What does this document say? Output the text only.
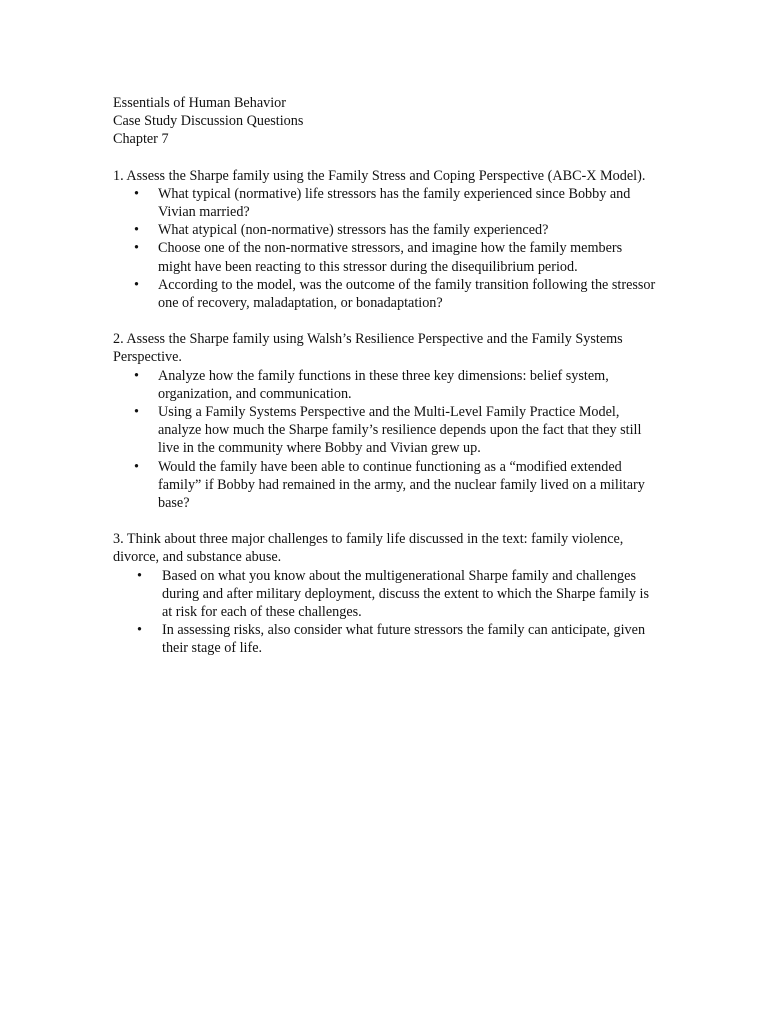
Essentials of Human Behavior
Case Study Discussion Questions
Chapter 7

1. Assess the Sharpe family using the Family Stress and Coping Perspective (ABC-X Model).

• What typical (normative) life stressors has the family experienced since Bobby and Vivian married?
• What atypical (non-normative) stressors has the family experienced?
• Choose one of the non-normative stressors, and imagine how the family members might have been reacting to this stressor during the disequilibrium period.
• According to the model, was the outcome of the family transition following the stressor one of recovery, maladaptation, or bonadaptation?

2. Assess the Sharpe family using Walsh’s Resilience Perspective and the Family Systems Perspective.

• Analyze how the family functions in these three key dimensions: belief system, organization, and communication.
• Using a Family Systems Perspective and the Multi-Level Family Practice Model, analyze how much the Sharpe family’s resilience depends upon the fact that they still live in the community where Bobby and Vivian grew up.
• Would the family have been able to continue functioning as a “modified extended family” if Bobby had remained in the army, and the nuclear family lived on a military base?

3. Think about three major challenges to family life discussed in the text: family violence, divorce, and substance abuse.

• Based on what you know about the multigenerational Sharpe family and challenges during and after military deployment, discuss the extent to which the Sharpe family is at risk for each of these challenges.
• In assessing risks, also consider what future stressors the family can anticipate, given their stage of life.
